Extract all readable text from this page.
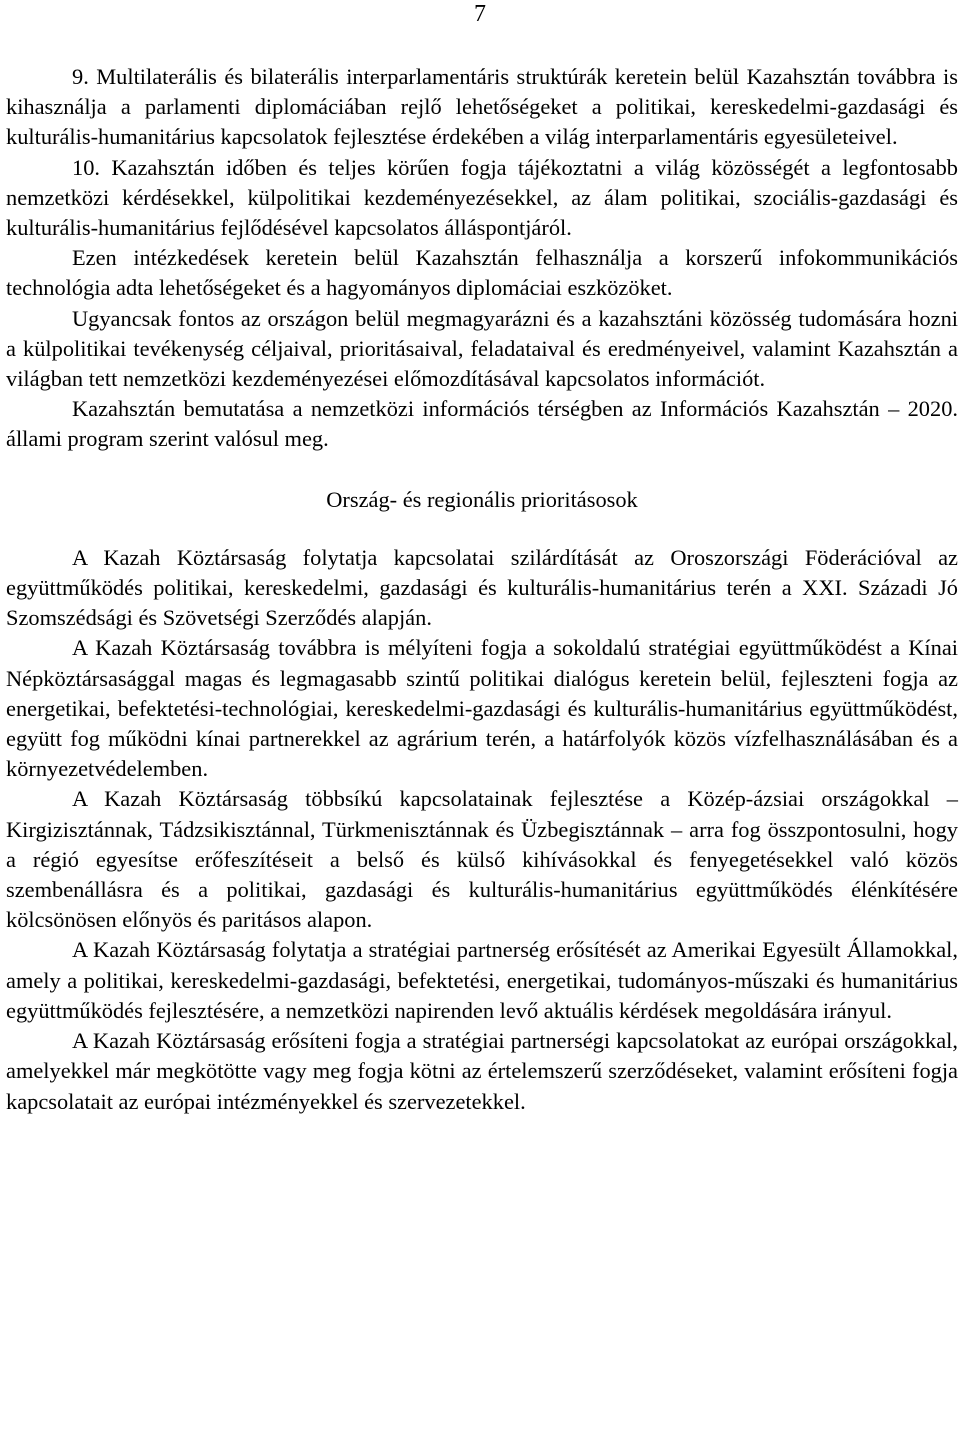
7

9. Multilaterális és bilaterális interparlamentáris struktúrák keretein belül Kazahsztán továbbra is kihasználja a parlamenti diplomáciában rejlő lehetőségeket a politikai, kereskedelmi-gazdasági és kulturális-humanitárius kapcsolatok fejlesztése érdekében a világ interparlamentáris egyesületeivel.

10. Kazahsztán időben és teljes körűen fogja tájékoztatni a világ közösségét a legfontosabb nemzetközi kérdésekkel, külpolitikai kezdeményezésekkel, az álam politikai, szociális-gazdasági és kulturális-humanitárius fejlődésével kapcsolatos álláspontjáról.

Ezen intézkedések keretein belül Kazahsztán felhasználja a korszerű infokommunikációs technológia adta lehetőségeket és a hagyományos diplomáciai eszközöket.

Ugyancsak fontos az országon belül megmagyarázni és a kazahsztáni közösség tudomására hozni a külpolitikai tevékenység céljaival, prioritásaival, feladataival és eredményeivel, valamint Kazahsztán a világban tett nemzetközi kezdeményezései előmozdításával kapcsolatos információt.

Kazahsztán bemutatása a nemzetközi információs térségben az Információs Kazahsztán – 2020. állami program szerint valósul meg.

Ország- és regionális prioritásosok

A Kazah Köztársaság folytatja kapcsolatai szilárdítását az Oroszországi Föderációval az együttműködés politikai, kereskedelmi, gazdasági és kulturális-humanitárius terén a XXI. Századi Jó Szomszédsági és Szövetségi Szerződés alapján.

A Kazah Köztársaság továbbra is mélyíteni fogja a sokoldalú stratégiai együttműködést a Kínai Népköztársasággal magas és legmagasabb szintű politikai dialógus keretein belül, fejleszteni fogja az energetikai, befektetési-technológiai, kereskedelmi-gazdasági és kulturális-humanitárius együttműködést, együtt fog működni kínai partnerekkel az agrárium terén, a határfolyók közös vízfelhasználásában és a környezetvédelemben.

A Kazah Köztársaság többsíkú kapcsolatainak fejlesztése a Közép-ázsiai országokkal – Kirgizisztánnak, Tádzsikisztánnal, Türkmenisztánnak és Üzbegisztánnak – arra fog összpontosulni, hogy a régió egyesítse erőfeszítéseit a belső és külső kihívásokkal és fenyegetésekkel való közös szembenállásra és a politikai, gazdasági és kulturális-humanitárius együttműködés élénkítésére kölcsönösen előnyös és paritásos alapon.

A Kazah Köztársaság folytatja a stratégiai partnerség erősítését az Amerikai Egyesült Államokkal, amely a politikai, kereskedelmi-gazdasági, befektetési, energetikai, tudományos-műszaki és humanitárius együttműködés fejlesztésére, a nemzetközi napirenden levő aktuális kérdések megoldására irányul.

A Kazah Köztársaság erősíteni fogja a stratégiai partnerségi kapcsolatokat az európai országokkal, amelyekkel már megkötötte vagy meg fogja kötni az értelemszerű szerződéseket, valamint erősíteni fogja kapcsolatait az európai intézményekkel és szervezetekkel.
